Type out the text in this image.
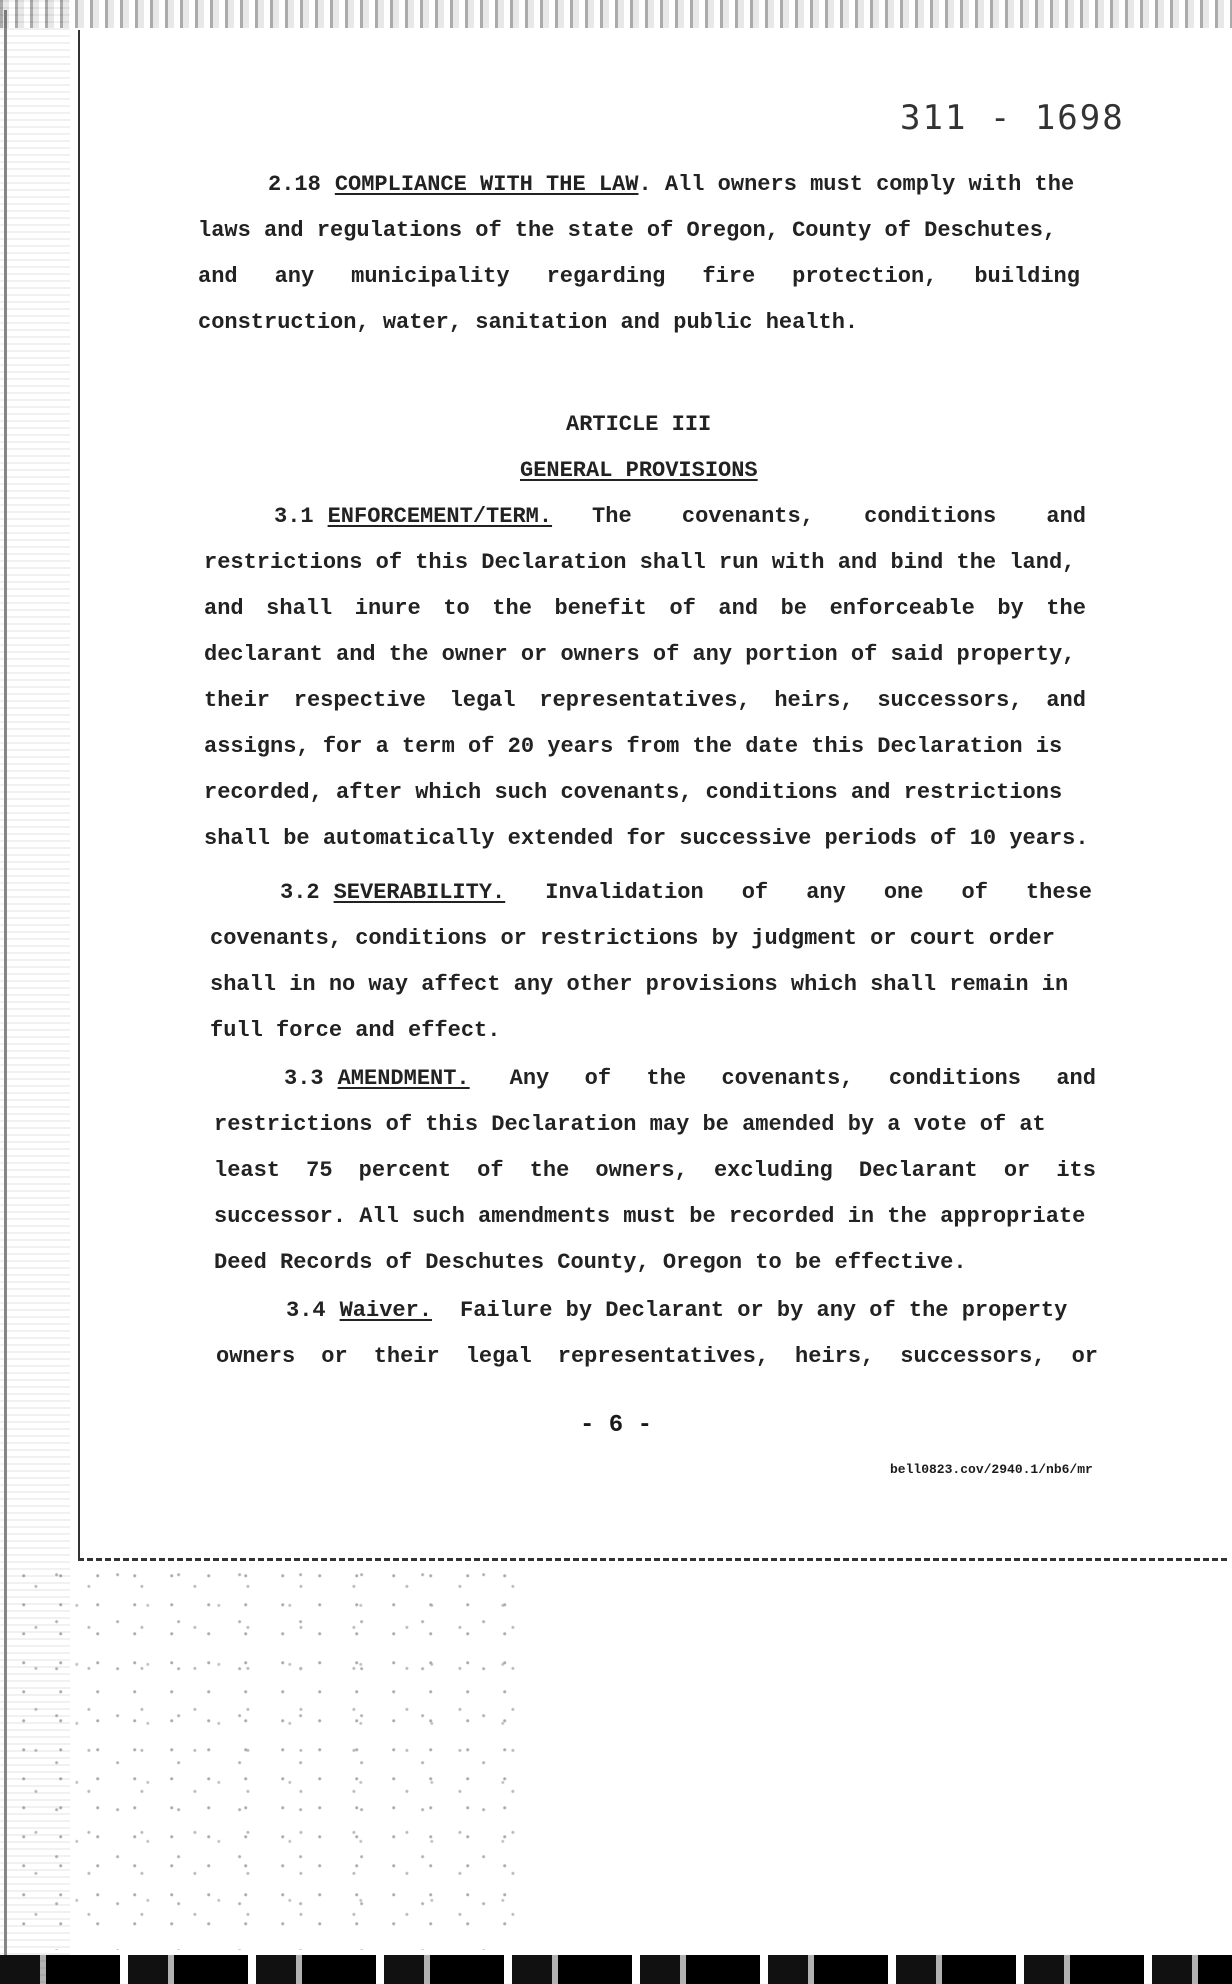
311 - 1698
2.18 COMPLIANCE WITH THE LAW . All owners must comply with the
laws and regulations of the state of Oregon, County of Deschutes,
and any municipality regarding fire protection, building
construction, water, sanitation and public health.
ARTICLE III
GENERAL PROVISIONS
3.1 ENFORCEMENT/TERM. The covenants, conditions and
restrictions of this Declaration shall run with and bind the land,
and shall inure to the benefit of and be enforceable by the
declarant and the owner or owners of any portion of said property,
their respective legal representatives, heirs, successors, and
assigns, for a term of 20 years from the date this Declaration is
recorded, after which such covenants, conditions and restrictions
shall be automatically extended for successive periods of 10 years.
3.2 SEVERABILITY. Invalidation of any one of these
covenants, conditions or restrictions by judgment or court order
shall in no way affect any other provisions which shall remain in
full force and effect.
3.3 AMENDMENT. Any of the covenants, conditions and
restrictions of this Declaration may be amended by a vote of at
least 75 percent of the owners, excluding Declarant or its
successor. All such amendments must be recorded in the appropriate
Deed Records of Deschutes County, Oregon to be effective.
3.4 Waiver. Failure by Declarant or by any of the property
owners or their legal representatives, heirs, successors, or
- 6 -
bell0823.cov/2940.1/nb6/mr
